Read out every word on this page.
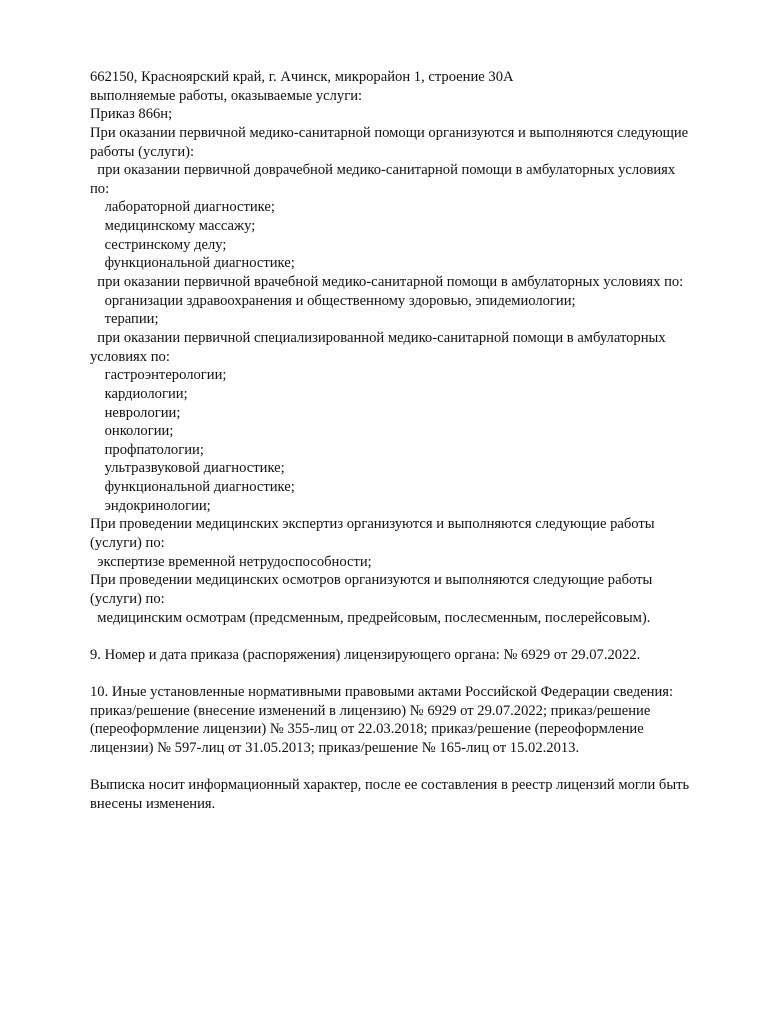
662150, Красноярский край, г. Ачинск, микрорайон 1, строение 30А
выполняемые работы, оказываемые услуги:
Приказ 866н;
При оказании первичной медико-санитарной помощи организуются и выполняются следующие
работы (услуги):
при оказании первичной доврачебной медико-санитарной помощи в амбулаторных условиях
по:
лабораторной диагностике;
медицинскому массажу;
сестринскому делу;
функциональной диагностике;
при оказании первичной врачебной медико-санитарной помощи в амбулаторных условиях по:
организации здравоохранения и общественному здоровью, эпидемиологии;
терапии;
при оказании первичной специализированной медико-санитарной помощи в амбулаторных
условиях по:
гастроэнтерологии;
кардиологии;
неврологии;
онкологии;
профпатологии;
ультразвуковой диагностике;
функциональной диагностике;
эндокринологии;
При проведении медицинских экспертиз организуются и выполняются следующие работы
(услуги) по:
экспертизе временной нетрудоспособности;
При проведении медицинских осмотров организуются и выполняются следующие работы
(услуги) по:
медицинским осмотрам (предсменным, предрейсовым, послесменным, послерейсовым).
9. Номер и дата приказа (распоряжения) лицензирующего органа: № 6929 от 29.07.2022.
10. Иные установленные нормативными правовыми актами Российской Федерации сведения:
приказ/решение (внесение изменений в лицензию) № 6929 от 29.07.2022; приказ/решение
(переоформление лицензии) № 355-лиц от 22.03.2018; приказ/решение (переоформление
лицензии) № 597-лиц от 31.05.2013; приказ/решение № 165-лиц от 15.02.2013.
Выписка носит информационный характер, после ее составления в реестр лицензий могли быть
внесены изменения.
